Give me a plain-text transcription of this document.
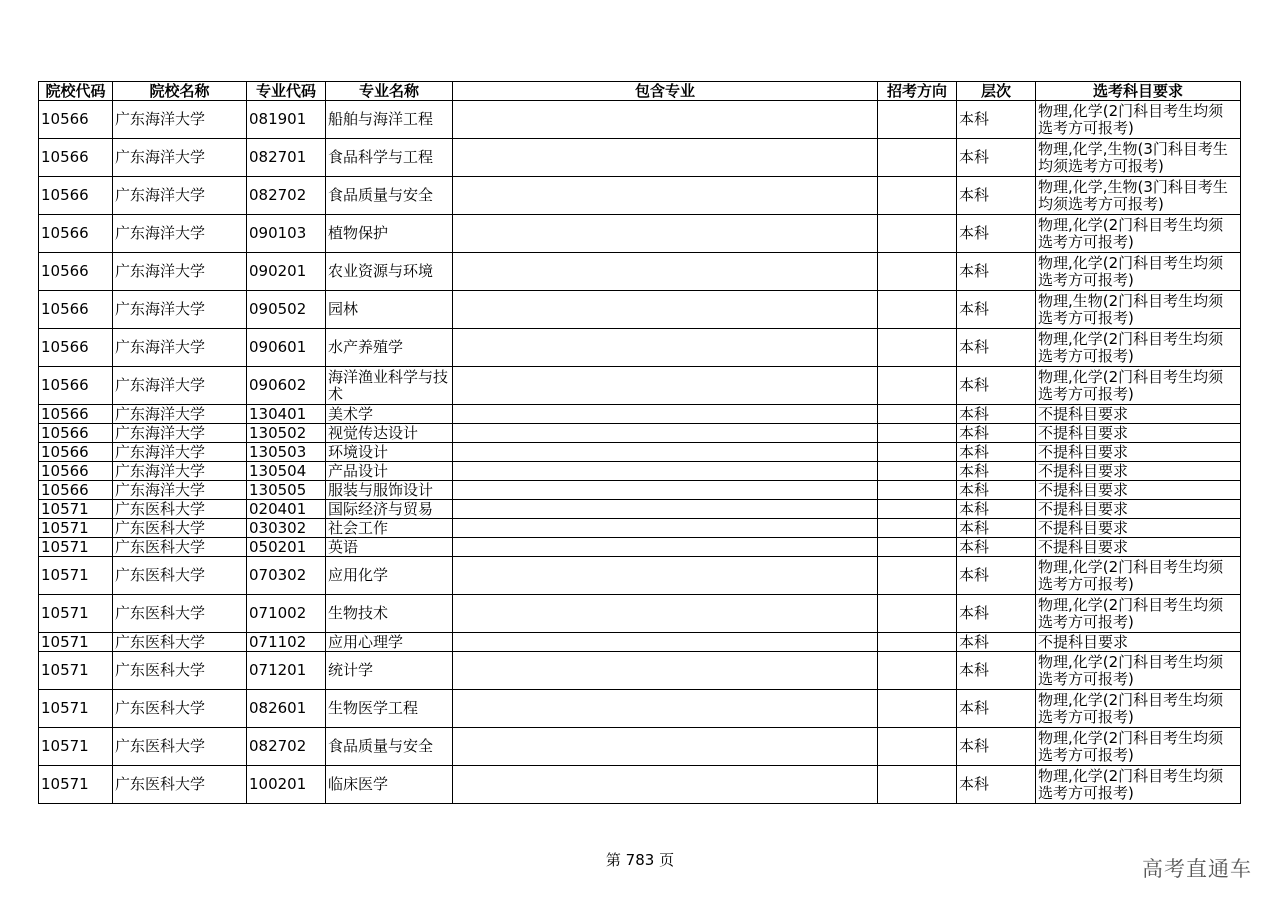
院校代码	院校名称	专业代码	专业名称	包含专业	招考方向	层次	选考科目要求
10566	广东海洋大学	081901	船舶与海洋工程			本科	物理,化学(2门科目考生均须选考方可报考)
10566	广东海洋大学	082701	食品科学与工程			本科	物理,化学,生物(3门科目考生均须选考方可报考)
10566	广东海洋大学	082702	食品质量与安全			本科	物理,化学,生物(3门科目考生均须选考方可报考)
10566	广东海洋大学	090103	植物保护			本科	物理,化学(2门科目考生均须选考方可报考)
10566	广东海洋大学	090201	农业资源与环境			本科	物理,化学(2门科目考生均须选考方可报考)
10566	广东海洋大学	090502	园林			本科	物理,生物(2门科目考生均须选考方可报考)
10566	广东海洋大学	090601	水产养殖学			本科	物理,化学(2门科目考生均须选考方可报考)
10566	广东海洋大学	090602	海洋渔业科学与技术			本科	物理,化学(2门科目考生均须选考方可报考)
10566	广东海洋大学	130401	美术学			本科	不提科目要求
10566	广东海洋大学	130502	视觉传达设计			本科	不提科目要求
10566	广东海洋大学	130503	环境设计			本科	不提科目要求
10566	广东海洋大学	130504	产品设计			本科	不提科目要求
10566	广东海洋大学	130505	服装与服饰设计			本科	不提科目要求
10571	广东医科大学	020401	国际经济与贸易			本科	不提科目要求
10571	广东医科大学	030302	社会工作			本科	不提科目要求
10571	广东医科大学	050201	英语			本科	不提科目要求
10571	广东医科大学	070302	应用化学			本科	物理,化学(2门科目考生均须选考方可报考)
10571	广东医科大学	071002	生物技术			本科	物理,化学(2门科目考生均须选考方可报考)
10571	广东医科大学	071102	应用心理学			本科	不提科目要求
10571	广东医科大学	071201	统计学			本科	物理,化学(2门科目考生均须选考方可报考)
10571	广东医科大学	082601	生物医学工程			本科	物理,化学(2门科目考生均须选考方可报考)
10571	广东医科大学	082702	食品质量与安全			本科	物理,化学(2门科目考生均须选考方可报考)
10571	广东医科大学	100201	临床医学			本科	物理,化学(2门科目考生均须选考方可报考)
第 783 页	高考直通车
